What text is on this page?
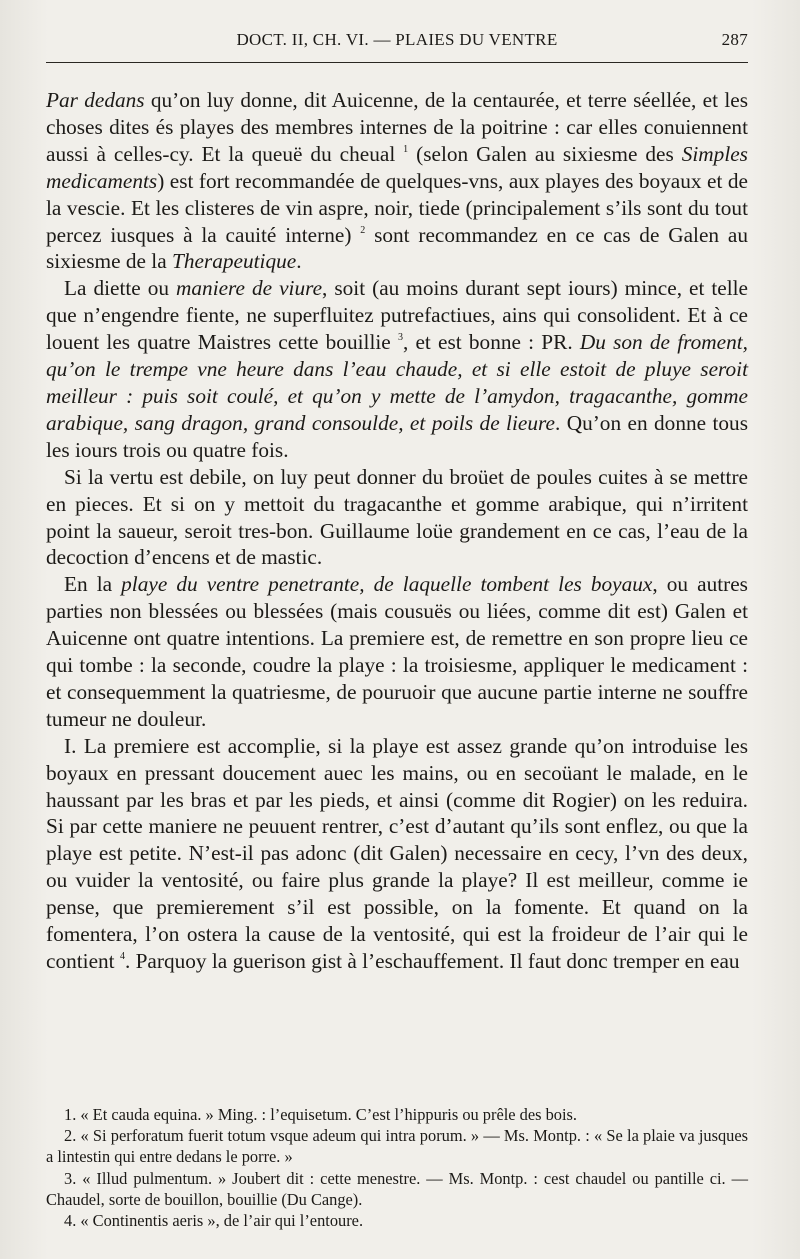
DOCT. II, CH. VI. — PLAIES DU VENTRE	287

Par dedans qu’on luy donne, dit Auicenne, de la centaurée, et terre séellée, et les choses dites és playes des membres internes de la poitrine : car elles conuiennent aussi à celles-cy. Et la queuë du cheual $^1$ (selon Galen au sixiesme des Simples medicaments) est fort recommandée de quelques-vns, aux playes des boyaux et de la vescie. Et les clisteres de vin aspre, noir, tiede (principalement s’ils sont du tout percez iusques à la cauité interne) $^2$ sont recommandez en ce cas de Galen au sixiesme de la Therapeutique.

La diette ou maniere de viure, soit (au moins durant sept iours) mince, et telle que n’engendre fiente, ne superfluitez putrefactiues, ains qui consolident. Et à ce louent les quatre Maistres cette bouillie $^3$, et est bonne : PR. Du son de froment, qu’on le trempe vne heure dans l’eau chaude, et si elle estoit de pluye seroit meilleur : puis soit coulé, et qu’on y mette de l’amydon, tragacanthe, gomme arabique, sang dragon, grand consoulde, et poils de lieure. Qu’on en donne tous les iours trois ou quatre fois.

Si la vertu est debile, on luy peut donner du broüet de poules cuites à se mettre en pieces. Et si on y mettoit du tragacanthe et gomme arabique, qui n’irritent point la saueur, seroit tres-bon. Guillaume loüe grandement en ce cas, l’eau de la decoction d’encens et de mastic.

En la playe du ventre penetrante, de laquelle tombent les boyaux, ou autres parties non blessées ou blessées (mais cousuës ou liées, comme dit est) Galen et Auicenne ont quatre intentions. La premiere est, de remettre en son propre lieu ce qui tombe : la seconde, coudre la playe : la troisiesme, appliquer le medicament : et consequemment la quatriesme, de pouruoir que aucune partie interne ne souffre tumeur ne douleur.

I. La premiere est accomplie, si la playe est assez grande qu’on introduise les boyaux en pressant doucement auec les mains, ou en secoüant le malade, en le haussant par les bras et par les pieds, et ainsi (comme dit Rogier) on les reduira. Si par cette maniere ne peuuent rentrer, c’est d’autant qu’ils sont enflez, ou que la playe est petite. N’est-il pas adonc (dit Galen) necessaire en cecy, l’vn des deux, ou vuider la ventosité, ou faire plus grande la playe? Il est meilleur, comme ie pense, que premierement s’il est possible, on la fomente. Et quand on la fomentera, l’on ostera la cause de la ventosité, qui est la froideur de l’air qui le contient $^4$. Parquoy la guerison gist à l’eschauffement. Il faut donc tremper en eau

1. « Et cauda equina. » Ming. : l’equisetum. C’est l’hippuris ou prêle des bois.

2. « Si perforatum fuerit totum vsque adeum qui intra porum. » — Ms. Montp. : « Se la plaie va jusques a lintestin qui entre dedans le porre. »

3. « Illud pulmentum. » Joubert dit : cette menestre. — Ms. Montp. : cest chaudel ou pantille ci. — Chaudel, sorte de bouillon, bouillie (Du Cange).

4. « Continentis aeris », de l’air qui l’entoure.
